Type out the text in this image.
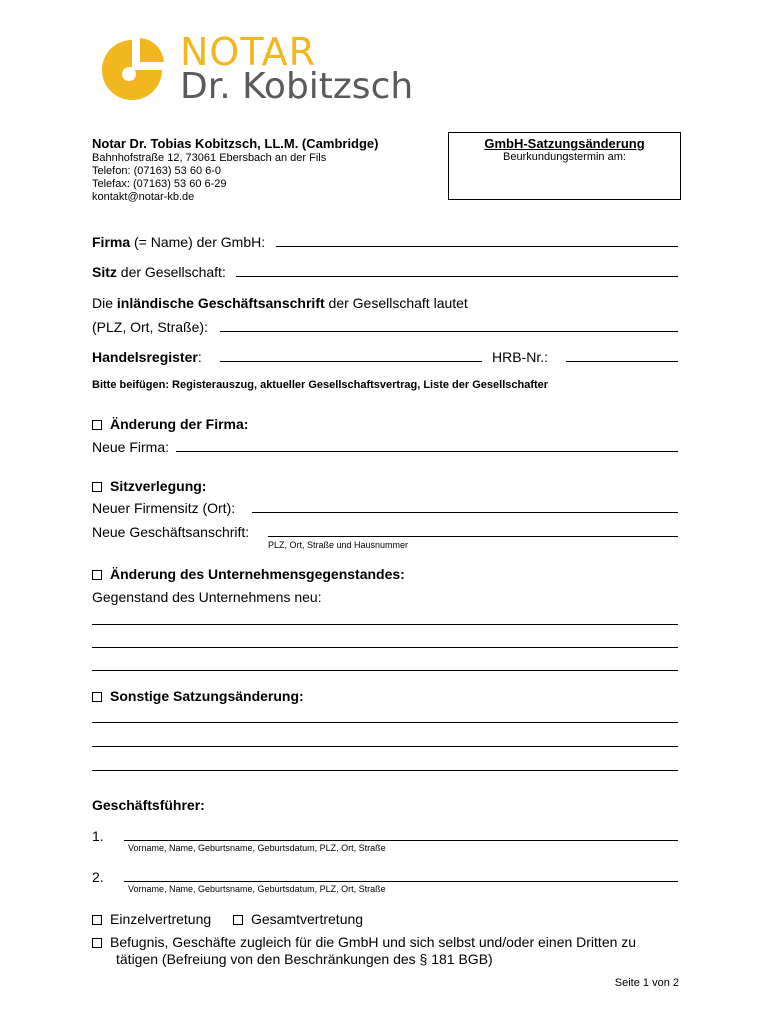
NOTAR
Dr. Kobitzsch
Notar Dr. Tobias Kobitzsch, LL.M. (Cambridge)
Bahnhofstraße 12, 73061 Ebersbach an der Fils
Telefon: (07163) 53 60 6-0
Telefax: (07163) 53 60 6-29
kontakt@notar-kb.de
GmbH-Satzungsänderung
Beurkundungstermin am:
Firma (= Name) der GmbH:
Sitz der Gesellschaft:
Die inländische Geschäftsanschrift der Gesellschaft lautet
(PLZ, Ort, Straße):
Handelsregister:	HRB-Nr.:
Bitte beifügen: Registerauszug, aktueller Gesellschaftsvertrag, Liste der Gesellschafter
Änderung der Firma:
Neue Firma:
Sitzverlegung:
Neuer Firmensitz (Ort):
Neue Geschäftsanschrift:
PLZ, Ort, Straße und Hausnummer
Änderung des Unternehmensgegenstandes:
Gegenstand des Unternehmens neu:
Sonstige Satzungsänderung:
Geschäftsführer:
1.
Vorname, Name, Geburtsname, Geburtsdatum, PLZ, Ort, Straße
2.
Vorname, Name, Geburtsname, Geburtsdatum, PLZ, Ort, Straße
Einzelvertretung	Gesamtvertretung
Befugnis, Geschäfte zugleich für die GmbH und sich selbst und/oder einen Dritten zu
tätigen (Befreiung von den Beschränkungen des § 181 BGB)
Seite 1 von 2
